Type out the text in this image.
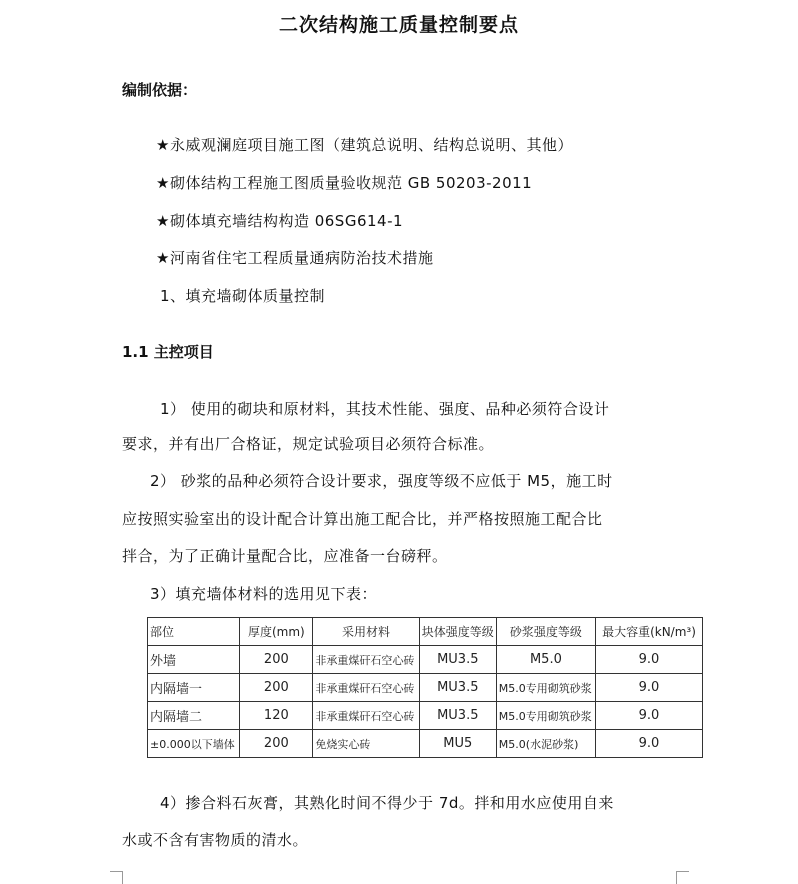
二次结构施工质量控制要点
编制依据：
★永威观澜庭项目施工图（建筑总说明、结构总说明、其他）
★砌体结构工程施工图质量验收规范 GB 50203-2011
★砌体填充墙结构构造 06SG614-1
★河南省住宅工程质量通病防治技术措施
1、填充墙砌体质量控制
1.1 主控项目
1） 使用的砌块和原材料，其技术性能、强度、品种必须符合设计
要求，并有出厂合格证，规定试验项目必须符合标准。
2） 砂浆的品种必须符合设计要求，强度等级不应低于 M5，施工时
应按照实验室出的设计配合计算出施工配合比，并严格按照施工配合比
拌合，为了正确计量配合比，应准备一台磅秤。
3）填充墙体材料的选用见下表：
部位	厚度(mm)	采用材料	块体强度等级	砂浆强度等级	最大容重(kN/m³)
外墙	200	非承重煤矸石空心砖	MU3.5	M5.0	9.0
内隔墙一	200	非承重煤矸石空心砖	MU3.5	M5.0专用砌筑砂浆	9.0
内隔墙二	120	非承重煤矸石空心砖	MU3.5	M5.0专用砌筑砂浆	9.0
±0.000以下墙体	200	免烧实心砖	MU5	M5.0(水泥砂浆)	9.0
4）掺合料石灰膏，其熟化时间不得少于 7d。拌和用水应使用自来
水或不含有害物质的清水。
